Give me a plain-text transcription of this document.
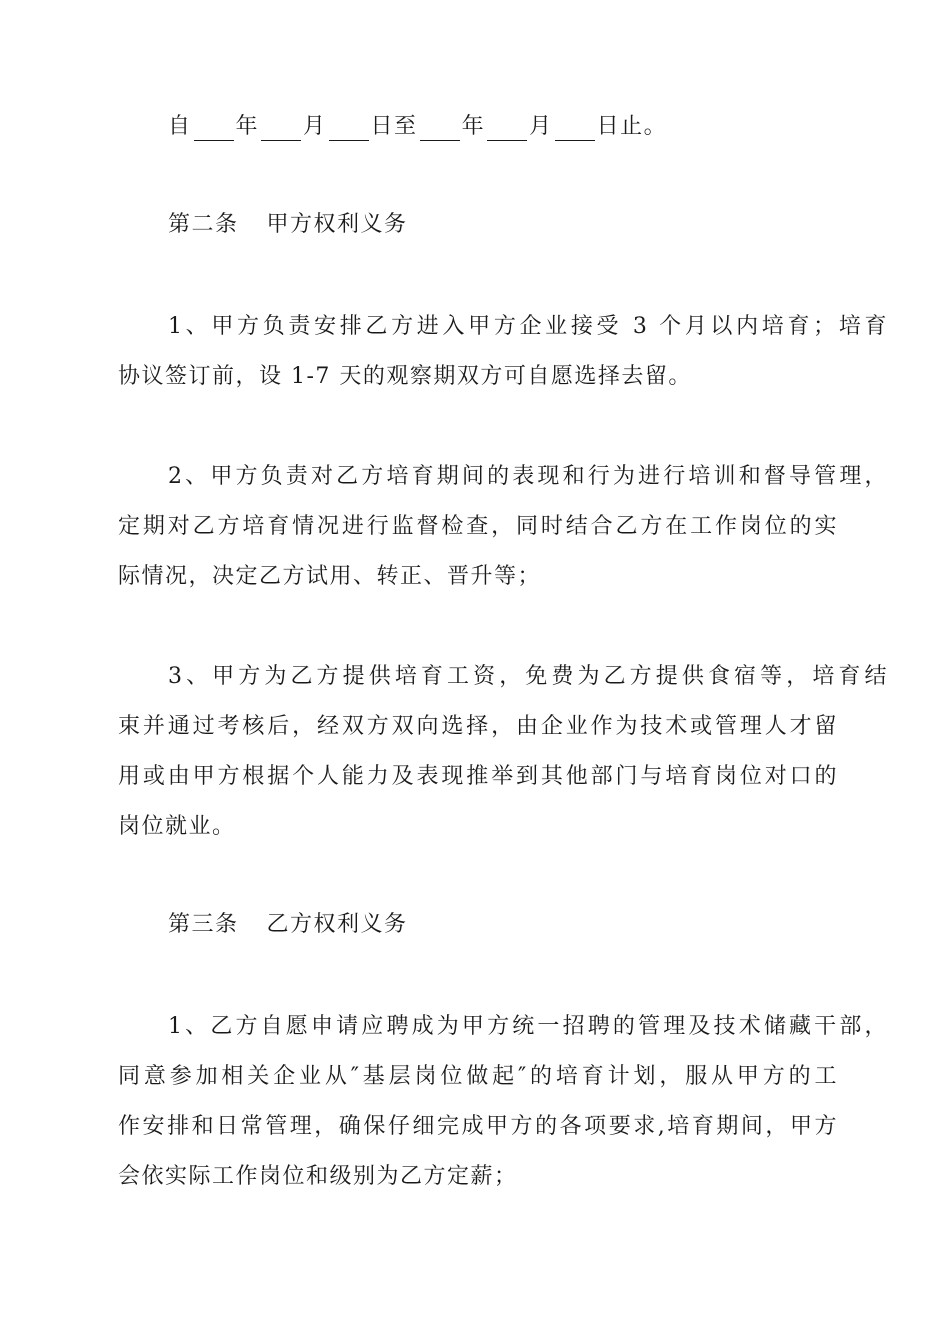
自 年 月 日至 年 月 日止。
第二条 甲方权利义务
1、甲方负责安排乙方进入甲方企业接受 3 个月以内培育；培育
协议签订前，设 1-7 天的观察期双方可自愿选择去留。
2、甲方负责对乙方培育期间的表现和行为进行培训和督导管理，
定期对乙方培育情况进行监督检查，同时结合乙方在工作岗位的实
际情况，决定乙方试用、转正、晋升等；
3、甲方为乙方提供培育工资，免费为乙方提供食宿等，培育结
束并通过考核后，经双方双向选择，由企业作为技术或管理人才留
用或由甲方根据个人能力及表现推举到其他部门与培育岗位对口的
岗位就业。
第三条 乙方权利义务
1、乙方自愿申请应聘成为甲方统一招聘的管理及技术储藏干部，
同意参加相关企业从″基层岗位做起″的培育计划，服从甲方的工
作安排和日常管理，确保仔细完成甲方的各项要求,培育期间，甲方
会依实际工作岗位和级别为乙方定薪；
